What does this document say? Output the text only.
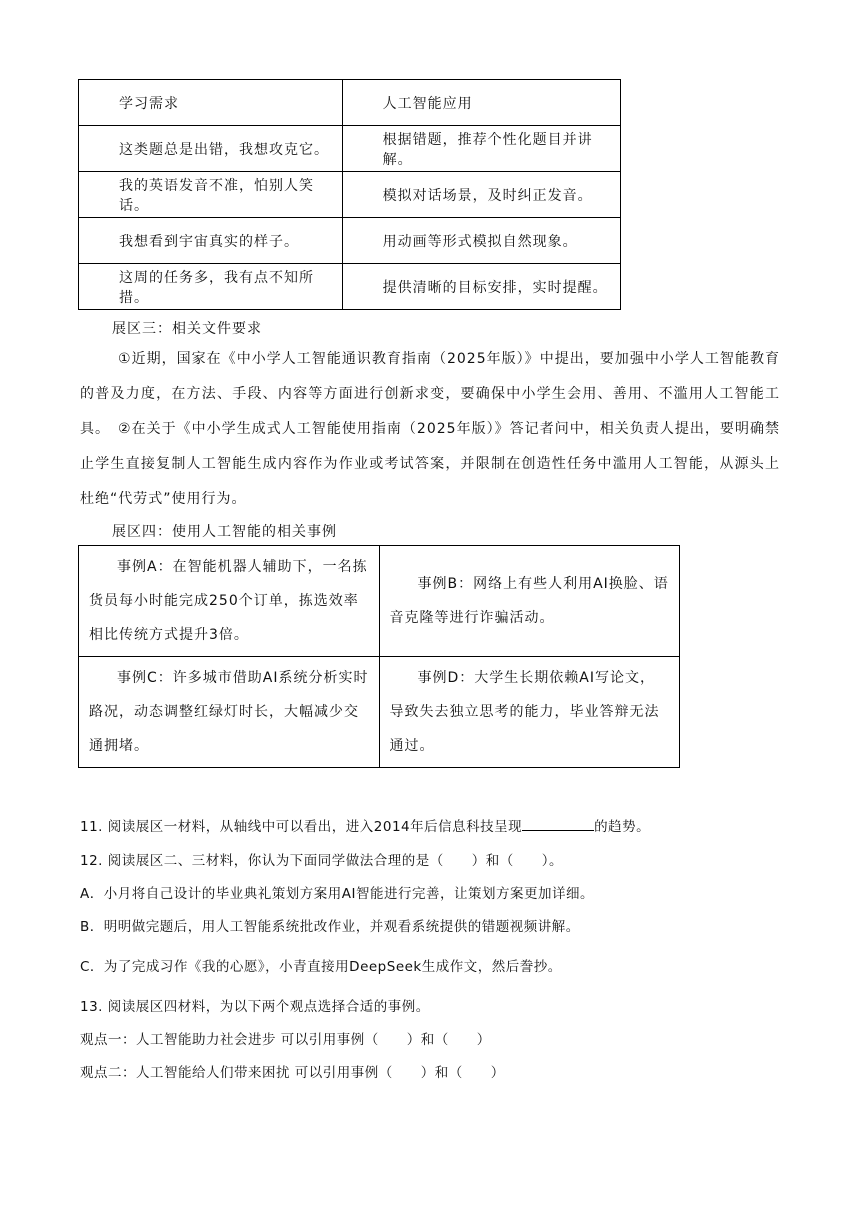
学习需求	人工智能应用
这类题总是出错，我想攻克它。	根据错题，推荐个性化题目并讲解。
我的英语发音不准，怕别人笑话。	模拟对话场景，及时纠正发音。
我想看到宇宙真实的样子。	用动画等形式模拟自然现象。
这周的任务多，我有点不知所措。	提供清晰的目标安排，实时提醒。
展区三：相关文件要求
①近期，国家在《中小学人工智能通识教育指南（2025年版）》中提出，要加强中小学人工智能教育的普及力度，在方法、手段、内容等方面进行创新求变，要确保中小学生会用、善用、不滥用人工智能工具。 ②在关于《中小学生成式人工智能使用指南（2025年版）》答记者问中，相关负责人提出，要明确禁止学生直接复制人工智能生成内容作为作业或考试答案，并限制在创造性任务中滥用人工智能，从源头上杜绝“代劳式”使用行为。
展区四：使用人工智能的相关事例
事例A：在智能机器人辅助下，一名拣货员每小时能完成250个订单，拣选效率相比传统方式提升3倍。	事例B：网络上有些人利用AI换脸、语音克隆等进行诈骗活动。
事例C：许多城市借助AI系统分析实时路况，动态调整红绿灯时长，大幅减少交通拥堵。	事例D：大学生长期依赖AI写论文，导致失去独立思考的能力，毕业答辩无法通过。
11. 阅读展区一材料，从轴线中可以看出，进入2014年后信息科技呈现	的趋势。
12. 阅读展区二、三材料，你认为下面同学做法合理的是（　　）和（　　）。
A．小月将自己设计的毕业典礼策划方案用AI智能进行完善，让策划方案更加详细。
B．明明做完题后，用人工智能系统批改作业，并观看系统提供的错题视频讲解。
C．为了完成习作《我的心愿》，小青直接用DeepSeek生成作文，然后誊抄。
13. 阅读展区四材料，为以下两个观点选择合适的事例。
观点一：人工智能助力社会进步 可以引用事例（　　）和（　　）
观点二：人工智能给人们带来困扰 可以引用事例（　　）和（　　）
